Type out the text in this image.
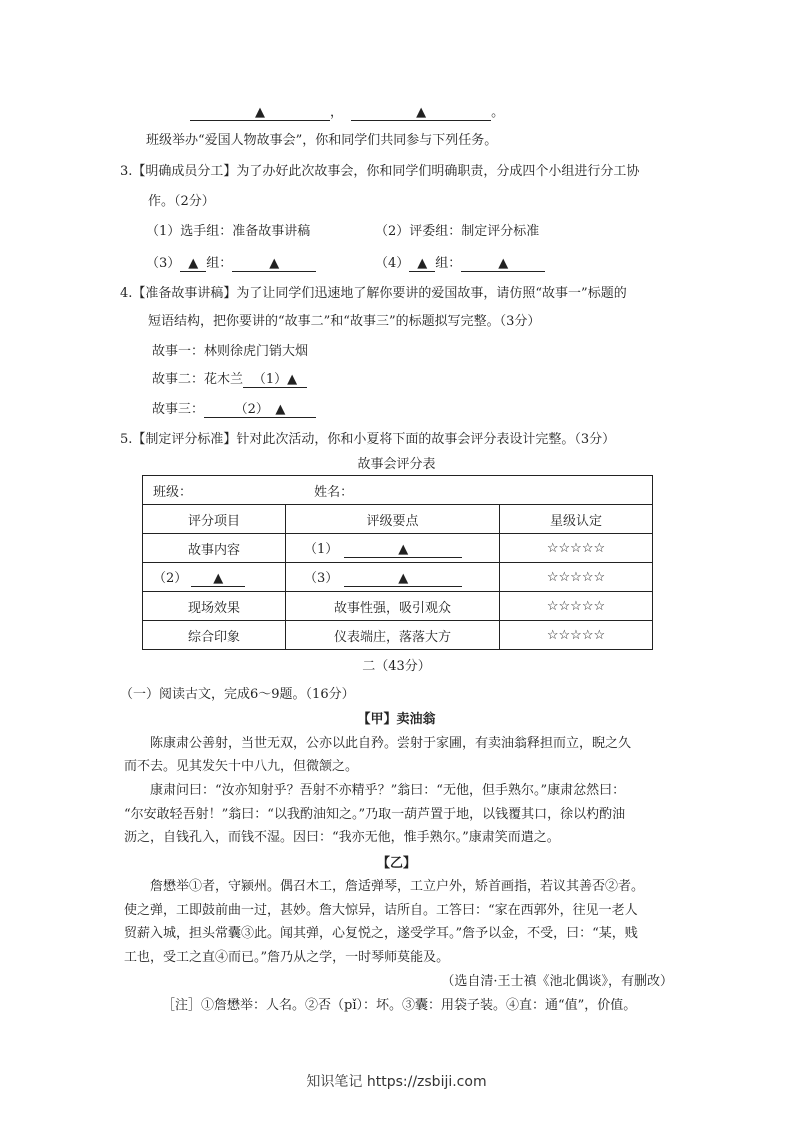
▲	，	▲	。
班级举办“爱国人物故事会”，你和同学们共同参与下列任务。
3.【明确成员分工】为了办好此次故事会，你和同学们明确职责，分成四个小组进行分工协
作。（2分）
（1）选手组：准备故事讲稿	（2）评委组：制定评分标准
（3） ▲ 组：	▲	（4） ▲ 组：	▲
4.【准备故事讲稿】为了让同学们迅速地了解你要讲的爱国故事，请仿照“故事一”标题的
短语结构，把你要讲的“故事二”和“故事三”的标题拟写完整。（3分）
故事一：林则徐虎门销大烟
故事二：花木兰 （1）▲
故事三： （2）　▲
5.【制定评分标准】针对此次活动，你和小夏将下面的故事会评分表设计完整。（3分）
故事会评分表
班级： 姓名：		
评分项目	评级要点	星级认定
故事内容	（1） ▲	☆☆☆☆☆
（2） ▲	（3） ▲	☆☆☆☆☆
现场效果	故事性强，吸引观众	☆☆☆☆☆
综合印象	仪表端庄，落落大方	☆☆☆☆☆
二（43分）
（一）阅读古文，完成6～9题。（16分）
【甲】卖油翁
　　陈康肃公善射，当世无双，公亦以此自矜。尝射于家圃，有卖油翁释担而立，睨之久
而不去。见其发矢十中八九，但微颔之。
　　康肃问曰：“汝亦知射乎？吾射不亦精乎？”翁曰：“无他，但手熟尔。”康肃忿然曰：
“尔安敢轻吾射！”翁曰：“以我酌油知之。”乃取一葫芦置于地，以钱覆其口，徐以杓酌油
沥之，自钱孔入，而钱不湿。因曰：“我亦无他，惟手熟尔。”康肃笑而遣之。
【乙】
　　詹懋举①者，守颍州。偶召木工，詹适弹琴，工立户外，矫首画指，若议其善否②者。
使之弹，工即鼓前曲一过，甚妙。詹大惊异，诘所自。工答曰：“家在西郭外，往见一老人
贸薪入城，担头常囊③此。闻其弹，心复悦之，遂受学耳。”詹予以金，不受，曰：“某，贱
工也，受工之直④而已。”詹乃从之学，一时琴师莫能及。
（选自清·王士禛《池北偶谈》，有删改）
［注］①詹懋举：人名。②否（pǐ）：坏。③囊：用袋子装。④直：通“值”，价值。
知识笔记 https://zsbiji.com
